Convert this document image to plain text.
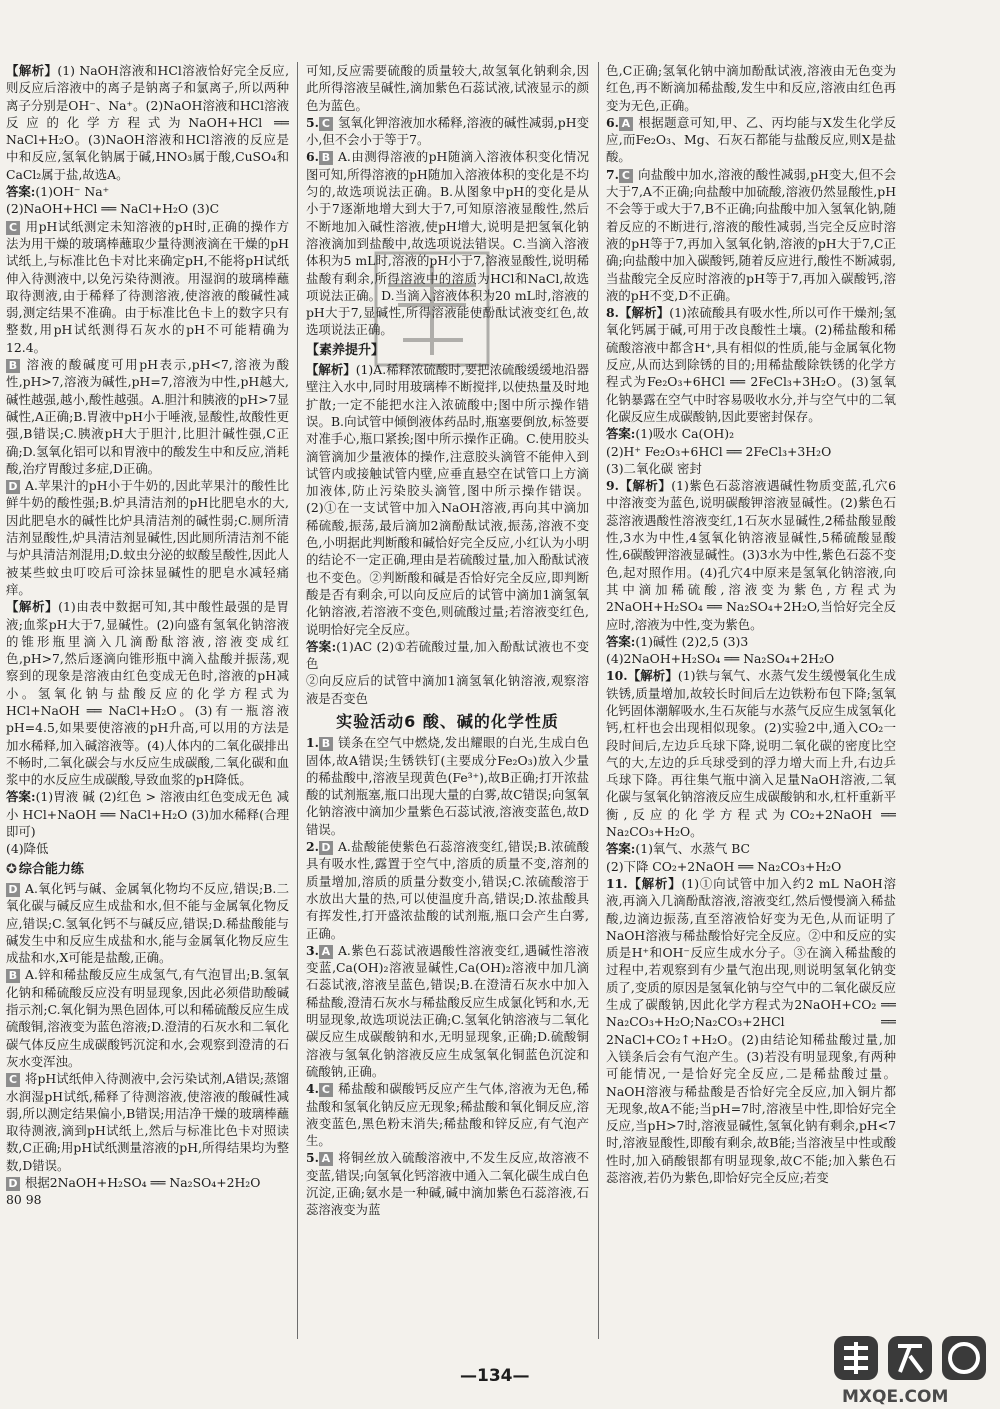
【解析】(1) NaOH溶液和HCl溶液恰好完全反应,则反应后溶液中的离子是钠离子和氯离子,所以两种离子分别是OH⁻、Na⁺。(2)NaOH溶液和HCl溶液反应的化学方程式为NaOH+HCl ══ NaCl+H₂O。(3)NaOH溶液和HCl溶液的反应是中和反应,氢氧化钠属于碱,HNO₃属于酸,CuSO₄和CaCl₂属于盐,故选A。

答案:(1)OH⁻ Na⁺

(2)NaOH+HCl ══ NaCl+H₂O (3)C

C 用pH试纸测定未知溶液的pH时,正确的操作方法为用干燥的玻璃棒蘸取少量待测液滴在干燥的pH试纸上,与标准比色卡对比来确定pH,不能将pH试纸伸入待测液中,以免污染待测液。用湿润的玻璃棒蘸取待测液,由于稀释了待测溶液,使溶液的酸碱性减弱,测定结果不准确。由于标准比色卡上的数字只有整数,用pH试纸测得石灰水的pH不可能精确为12.4。

B 溶液的酸碱度可用pH表示,pH<7,溶液为酸性,pH>7,溶液为碱性,pH=7,溶液为中性,pH越大,碱性越强,越小,酸性越强。A.胆汁和胰液的pH>7显碱性,A正确;B.胃液中pH小于唾液,显酸性,故酸性更强,B错误;C.胰液pH大于胆汁,比胆汁碱性强,C正确;D.氢氧化铝可以和胃液中的酸发生中和反应,消耗酸,治疗胃酸过多症,D正确。

D A.苹果汁的pH小于牛奶的,因此苹果汁的酸性比鲜牛奶的酸性强;B.炉具清洁剂的pH比肥皂水的大,因此肥皂水的碱性比炉具清洁剂的碱性弱;C.厕所清洁剂显酸性,炉具清洁剂显碱性,因此厕所清洁剂不能与炉具清洁剂混用;D.蚊虫分泌的蚁酸呈酸性,因此人被某些蚊虫叮咬后可涂抹显碱性的肥皂水减轻痛痒。

【解析】(1)由表中数据可知,其中酸性最强的是胃液;血浆pH大于7,显碱性。(2)向盛有氢氧化钠溶液的锥形瓶里滴入几滴酚酞溶液,溶液变成红色,pH>7,然后逐滴向锥形瓶中滴入盐酸并振荡,观察到的现象是溶液由红色变成无色时,溶液的pH减小。氢氧化钠与盐酸反应的化学方程式为HCl+NaOH ══ NaCl+H₂O。(3)有一瓶溶液pH=4.5,如果要使溶液的pH升高,可以用的方法是加水稀释,加入碱溶液等。(4)人体内的二氧化碳排出不畅时,二氧化碳会与水反应生成碳酸,二氧化碳和血浆中的水反应生成碳酸,导致血浆的pH降低。

答案:(1)胃液 碱 (2)红色 > 溶液由红色变成无色 减小 HCl+NaOH ══ NaCl+H₂O (3)加水稀释(合理即可)

(4)降低

✪ 综合能力练

D A.氧化钙与碱、金属氧化物均不反应,错误;B.二氧化碳与碱反应生成盐和水,但不能与金属氧化物反应,错误;C.氢氧化钙不与碱反应,错误;D.稀盐酸能与碱发生中和反应生成盐和水,能与金属氧化物反应生成盐和水,X可能是盐酸,正确。

B A.锌和稀盐酸反应生成氢气,有气泡冒出;B.氢氧化钠和稀硫酸反应没有明显现象,因此必须借助酸碱指示剂;C.氧化铜为黑色固体,可以和稀硫酸反应生成硫酸铜,溶液变为蓝色溶液;D.澄清的石灰水和二氧化碳气体反应生成碳酸钙沉淀和水,会观察到澄清的石灰水变浑浊。

C 将pH试纸伸入待测液中,会污染试剂,A错误;蒸馏水润湿pH试纸,稀释了待测溶液,使溶液的酸碱性减弱,所以测定结果偏小,B错误;用洁净干燥的玻璃棒蘸取待测液,滴到pH试纸上,然后与标准比色卡对照读数,C正确;用pH试纸测量溶液的pH,所得结果均为整数,D错误。

D 根据2NaOH+H₂SO₄ ══ Na₂SO₄+2H₂O

80 98

可知,反应需要硫酸的质量较大,故氢氧化钠剩余,因此所得溶液呈碱性,滴加紫色石蕊试液,试液显示的颜色为蓝色。

5. C 氢氧化钾溶液加水稀释,溶液的碱性减弱,pH变小,但不会小于等于7。

6. B A.由测得溶液的pH随滴入溶液体积变化情况图可知,所得溶液的pH随加入溶液体积的变化是不均匀的,故选项说法正确。B.从图象中pH的变化是从小于7逐渐地增大到大于7,可知原溶液显酸性,然后不断地加入碱性溶液,使pH增大,说明是把氢氧化钠溶液滴加到盐酸中,故选项说法错误。C.当滴入溶液体积为5 mL时,溶液的pH小于7,溶液显酸性,说明稀盐酸有剩余,所得溶液中的溶质为HCl和NaCl,故选项说法正确。D.当滴入溶液体积为20 mL时,溶液的pH大于7,显碱性,所得溶液能使酚酞试液变红色,故选项说法正确。

【素养提升】

【解析】(1)A.稀释浓硫酸时,要把浓硫酸缓缓地沿器壁注入水中,同时用玻璃棒不断搅拌,以使热量及时地扩散;一定不能把水注入浓硫酸中;图中所示操作错误。B.向试管中倾倒液体药品时,瓶塞要倒放,标签要对准手心,瓶口紧挨;图中所示操作正确。C.使用胶头滴管滴加少量液体的操作,注意胶头滴管不能伸入到试管内或接触试管内壁,应垂直悬空在试管口上方滴加液体,防止污染胶头滴管,图中所示操作错误。(2)①在一支试管中加入NaOH溶液,再向其中滴加稀硫酸,振荡,最后滴加2滴酚酞试液,振荡,溶液不变色,小明据此判断酸和碱恰好完全反应,小红认为小明的结论不一定正确,理由是若硫酸过量,加入酚酞试液也不变色。②判断酸和碱是否恰好完全反应,即判断酸是否有剩余,可以向反应后的试管中滴加1滴氢氧化钠溶液,若溶液不变色,则硫酸过量;若溶液变红色,说明恰好完全反应。

答案:(1)AC (2)①若硫酸过量,加入酚酞试液也不变色

②向反应后的试管中滴加1滴氢氧化钠溶液,观察溶液是否变色

实验活动6 酸、碱的化学性质

1. B 镁条在空气中燃烧,发出耀眼的白光,生成白色固体,故A错误;生锈铁钉(主要成分Fe₂O₃)放入少量的稀盐酸中,溶液呈现黄色(Fe³⁺),故B正确;打开浓盐酸的试剂瓶塞,瓶口出现大量的白雾,故C错误;向氢氧化钠溶液中滴加少量紫色石蕊试液,溶液变蓝色,故D错误。

2. D A.盐酸能使紫色石蕊溶液变红,错误;B.浓硫酸具有吸水性,露置于空气中,溶质的质量不变,溶剂的质量增加,溶质的质量分数变小,错误;C.浓硫酸溶于水放出大量的热,可以使温度升高,错误;D.浓盐酸具有挥发性,打开盛浓盐酸的试剂瓶,瓶口会产生白雾,正确。

3. A A.紫色石蕊试液遇酸性溶液变红,遇碱性溶液变蓝,Ca(OH)₂溶液显碱性,Ca(OH)₂溶液中加几滴石蕊试液,溶液呈蓝色,错误;B.在澄清石灰水中加入稀盐酸,澄清石灰水与稀盐酸反应生成氯化钙和水,无明显现象,故选项说法正确;C.氢氧化钠溶液与二氧化碳反应生成碳酸钠和水,无明显现象,正确;D.硫酸铜溶液与氢氧化钠溶液反应生成氢氧化铜蓝色沉淀和硫酸钠,正确。

4. C 稀盐酸和碳酸钙反应产生气体,溶液为无色,稀盐酸和氢氧化钠反应无现象;稀盐酸和氧化铜反应,溶液变蓝色,黑色粉末消失;稀盐酸和锌反应,有气泡产生。

5. A 将铜丝放入硫酸溶液中,不发生反应,故溶液不变蓝,错误;向氢氧化钙溶液中通入二氧化碳生成白色沉淀,正确;氨水是一种碱,碱中滴加紫色石蕊溶液,石蕊溶液变为蓝

色,C正确;氢氧化钠中滴加酚酞试液,溶液由无色变为红色,再不断滴加稀盐酸,发生中和反应,溶液由红色再变为无色,正确。

6. A 根据题意可知,甲、乙、丙均能与X发生化学反应,而Fe₂O₃、Mg、石灰石都能与盐酸反应,则X是盐酸。

7. C 向盐酸中加水,溶液的酸性减弱,pH变大,但不会大于7,A不正确;向盐酸中加硫酸,溶液仍然显酸性,pH不会等于或大于7,B不正确;向盐酸中加入氢氧化钠,随着反应的不断进行,溶液的酸性减弱,当完全反应时溶液的pH等于7,再加入氢氧化钠,溶液的pH大于7,C正确;向盐酸中加入碳酸钙,随着反应进行,酸性不断减弱,当盐酸完全反应时溶液的pH等于7,再加入碳酸钙,溶液的pH不变,D不正确。

8.【解析】(1)浓硫酸具有吸水性,所以可作干燥剂;氢氧化钙属于碱,可用于改良酸性土壤。(2)稀盐酸和稀硫酸溶液中都含H⁺,具有相似的性质,能与金属氧化物反应,从而达到除锈的目的;用稀盐酸除铁锈的化学方程式为Fe₂O₃+6HCl ══ 2FeCl₃+3H₂O。(3)氢氧化钠暴露在空气中时容易吸收水分,并与空气中的二氧化碳反应生成碳酸钠,因此要密封保存。

答案:(1)吸水 Ca(OH)₂

(2)H⁺ Fe₂O₃+6HCl ══ 2FeCl₃+3H₂O

(3)二氧化碳 密封

9.【解析】(1)紫色石蕊溶液遇碱性物质变蓝,孔穴6中溶液变为蓝色,说明碳酸钾溶液显碱性。(2)紫色石蕊溶液遇酸性溶液变红,1石灰水显碱性,2稀盐酸显酸性,3水为中性,4氢氧化钠溶液显碱性,5稀硫酸显酸性,6碳酸钾溶液显碱性。(3)3水为中性,紫色石蕊不变色,起对照作用。(4)孔穴4中原来是氢氧化钠溶液,向其中滴加稀硫酸,溶液变为紫色,方程式为2NaOH+H₂SO₄ ══ Na₂SO₄+2H₂O,当恰好完全反应时,溶液为中性,变为紫色。

答案:(1)碱性 (2)2,5 (3)3

(4)2NaOH+H₂SO₄ ══ Na₂SO₄+2H₂O

10.【解析】(1)铁与氧气、水蒸气发生缓慢氧化生成铁锈,质量增加,故较长时间后左边铁粉布包下降;氢氧化钙固体潮解吸水,生石灰能与水蒸气反应生成氢氧化钙,杠杆也会出现相似现象。(2)实验2中,通入CO₂一段时间后,左边乒乓球下降,说明二氧化碳的密度比空气的大,左边的乒乓球受到的浮力增大而上升,右边乒乓球下降。再往集气瓶中滴入足量NaOH溶液,二氧化碳与氢氧化钠溶液反应生成碳酸钠和水,杠杆重新平衡,反应的化学方程式为CO₂+2NaOH ══ Na₂CO₃+H₂O。

答案:(1)氧气、水蒸气 BC

(2)下降 CO₂+2NaOH ══ Na₂CO₃+H₂O

11.【解析】(1)①向试管中加入约2 mL NaOH溶液,再滴入几滴酚酞溶液,溶液变红,然后慢慢滴入稀盐酸,边滴边振荡,直至溶液恰好变为无色,从而证明了NaOH溶液与稀盐酸恰好完全反应。②中和反应的实质是H⁺和OH⁻反应生成水分子。③在滴入稀盐酸的过程中,若观察到有少量气泡出现,则说明氢氧化钠变质了,变质的原因是氢氧化钠与空气中的二氧化碳反应生成了碳酸钠,因此化学方程式为2NaOH+CO₂ ══ Na₂CO₃+H₂O;Na₂CO₃+2HCl ══ 2NaCl+CO₂↑+H₂O。(2)由结论知稀盐酸过量,加入镁条后会有气泡产生。(3)若没有明显现象,有两种可能情况,一是恰好完全反应,二是稀盐酸过量。NaOH溶液与稀盐酸是否恰好完全反应,加入铜片都无现象,故A不能;当pH=7时,溶液呈中性,即恰好完全反应,当pH>7时,溶液显碱性,氢氧化钠有剩余,pH<7时,溶液显酸性,即酸有剩余,故B能;当溶液呈中性或酸性时,加入硝酸银都有明显现象,故C不能;加入紫色石蕊溶液,若仍为紫色,即恰好完全反应;若变

MXQE.COM
—134—
